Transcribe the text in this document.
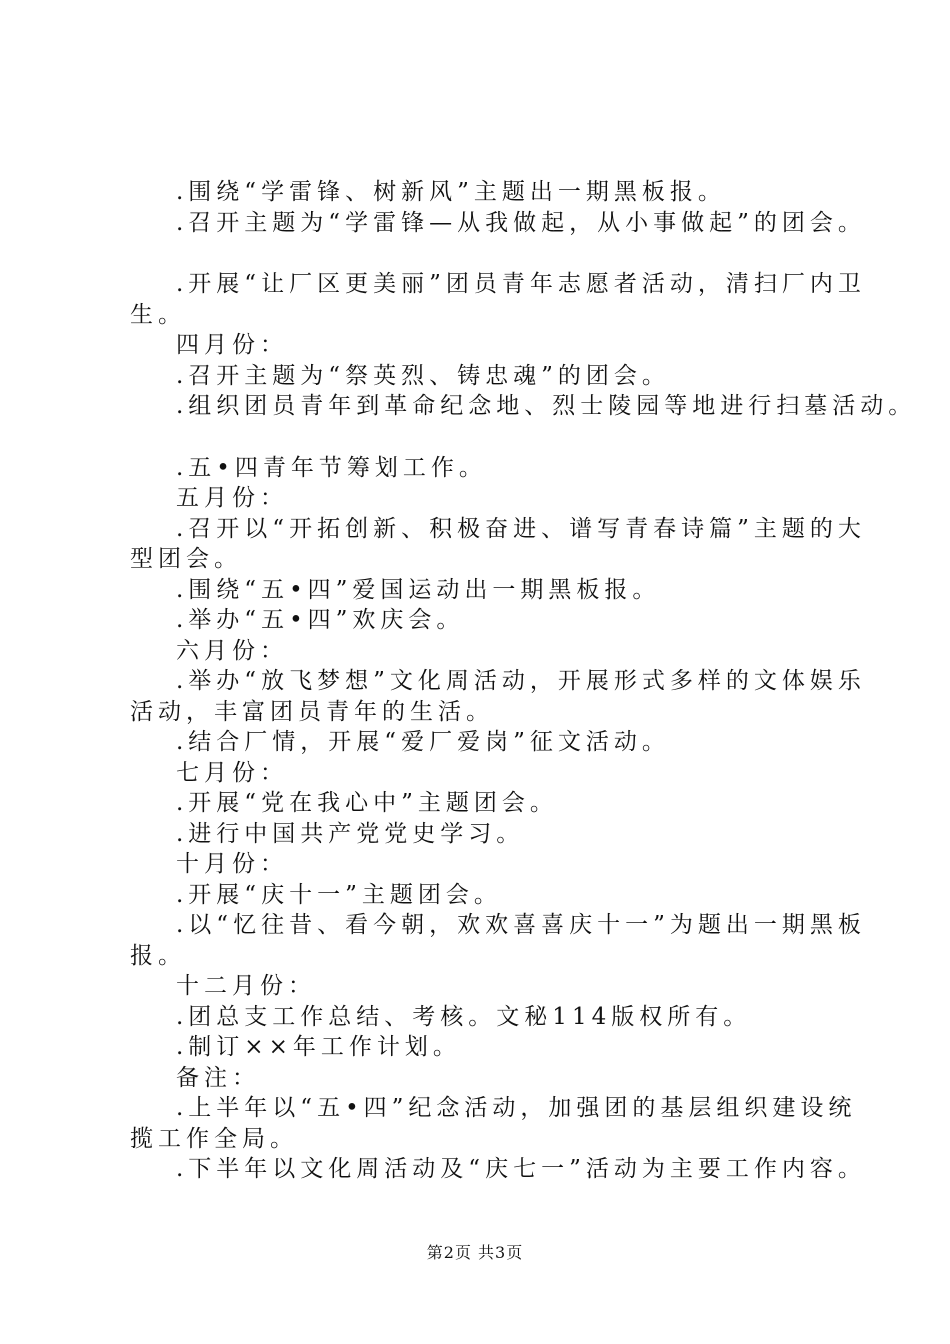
.围绕“学雷锋、树新风”主题出一期黑板报。
.召开主题为“学雷锋—从我做起，从小事做起”的团会。
.开展“让厂区更美丽”团员青年志愿者活动，清扫厂内卫
生。
四月份：
.召开主题为“祭英烈、铸忠魂”的团会。
.组织团员青年到革命纪念地、烈士陵园等地进行扫墓活动。
.五•四青年节筹划工作。
五月份：
.召开以“开拓创新、积极奋进、谱写青春诗篇”主题的大
型团会。
.围绕“五•四”爱国运动出一期黑板报。
.举办“五•四”欢庆会。
六月份：
.举办“放飞梦想”文化周活动，开展形式多样的文体娱乐
活动，丰富团员青年的生活。
.结合厂情，开展“爱厂爱岗”征文活动。
七月份：
.开展“党在我心中”主题团会。
.进行中国共产党党史学习。
十月份：
.开展“庆十一”主题团会。
.以“忆往昔、看今朝，欢欢喜喜庆十一”为题出一期黑板
报。
十二月份：
.团总支工作总结、考核。文秘114版权所有。
.制订××年工作计划。
备注：
.上半年以“五•四”纪念活动，加强团的基层组织建设统
揽工作全局。
.下半年以文化周活动及“庆七一”活动为主要工作内容。
第2页 共3页
